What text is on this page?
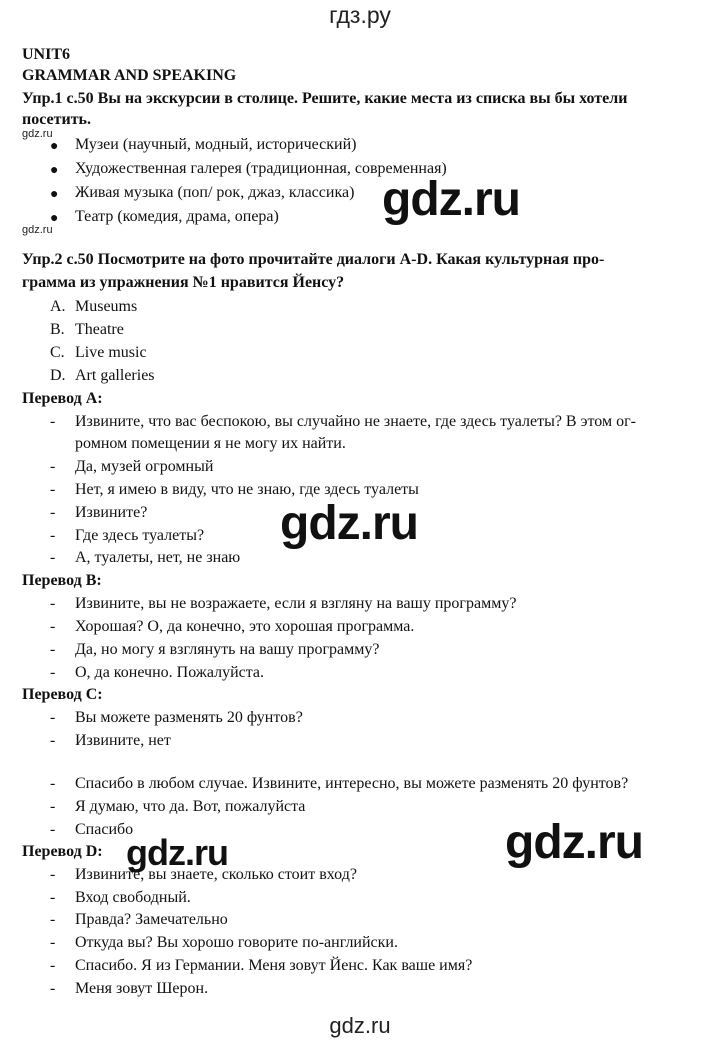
гдз.ру
gdz.ru
UNIT6
GRAMMAR AND SPEAKING
Упр.1 с.50 Вы на экскурсии в столице. Решите, какие места из списка вы бы хотели
посетить.
gdz.ru
● Музеи (научный, модный, исторический)
● Художественная галерея (традиционная, современная)
● Живая музыка (поп/ рок, джаз, классика)
● Театр (комедия, драма, опера)
gdz.ru
gdz.ru
Упр.2 с.50 Посмотрите на фото прочитайте диалоги A-D. Какая культурная про-
грамма из упражнения №1 нравится Йенсу?
A. Museums
B. Theatre
C. Live music
D. Art galleries
Перевод A:
- Извините, что вас беспокою, вы случайно не знаете, где здесь туалеты? В этом ог-
ромном помещении я не могу их найти.
- Да, музей огромный
- Нет, я имею в виду, что не знаю, где здесь туалеты
- Извините?
- Где здесь туалеты?
- А, туалеты, нет, не знаю
gdz.ru
Перевод B:
- Извините, вы не возражаете, если я взгляну на вашу программу?
- Хорошая? О, да конечно, это хорошая программа.
- Да, но могу я взглянуть на вашу программу?
- О, да конечно. Пожалуйста.
Перевод C:
- Вы можете разменять 20 фунтов?
- Извините, нет
- Спасибо в любом случае. Извините, интересно, вы можете разменять 20 фунтов?
- Я думаю, что да. Вот, пожалуйста
- Спасибо	gdz.ru
Перевод D: gdz.ru
- Извините, вы знаете, сколько стоит вход?
- Вход свободный.
- Правда? Замечательно
- Откуда вы? Вы хорошо говорите по-английски.
- Спасибо. Я из Германии. Меня зовут Йенс. Как ваше имя?
- Меня зовут Шерон.
